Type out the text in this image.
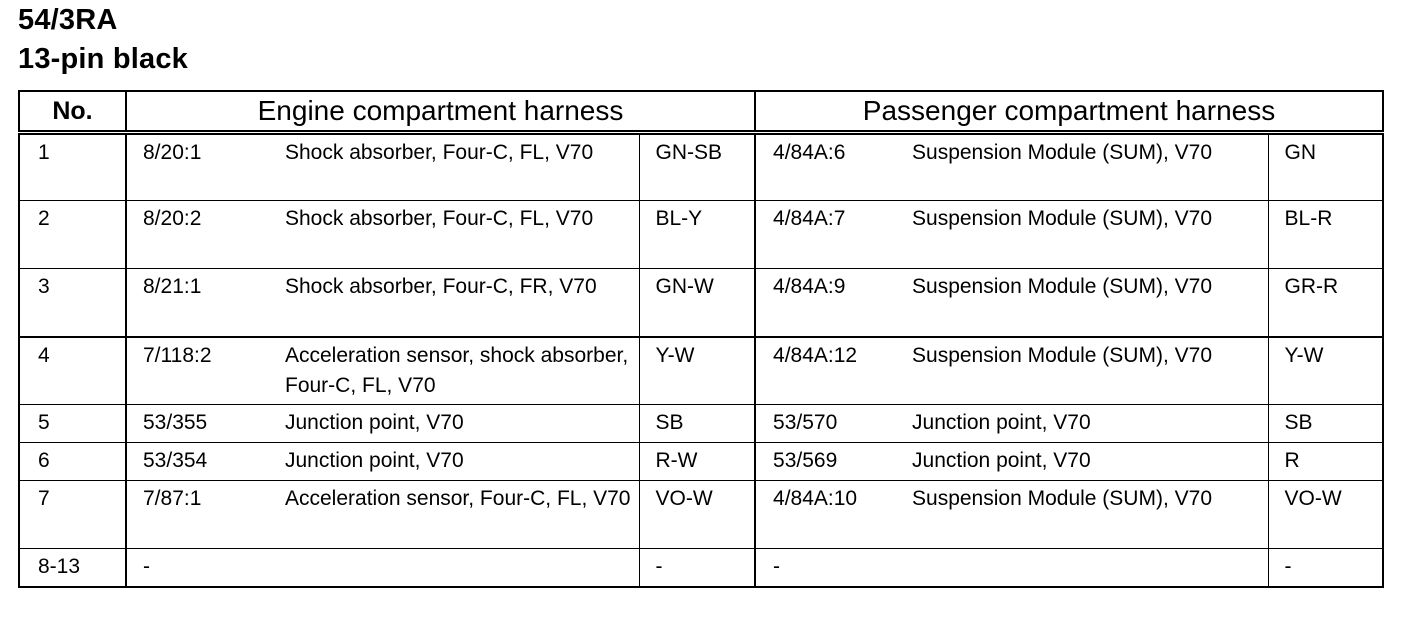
54/3RA
13-pin black
No.	Engine compartment harness			Passenger compartment harness		
1	8/20:1	Shock absorber, Four-C, FL, V70	GN-SB	4/84A:6	Suspension Module (SUM), V70	GN
2	8/20:2	Shock absorber, Four-C, FL, V70	BL-Y	4/84A:7	Suspension Module (SUM), V70	BL-R
3	8/21:1	Shock absorber, Four-C, FR, V70	GN-W	4/84A:9	Suspension Module (SUM), V70	GR-R
4	7/118:2	Acceleration sensor, shock absorber, Four-C, FL, V70	Y-W	4/84A:12	Suspension Module (SUM), V70	Y-W
5	53/355	Junction point, V70	SB	53/570	Junction point, V70	SB
6	53/354	Junction point, V70	R-W	53/569	Junction point, V70	R
7	7/87:1	Acceleration sensor, Four-C, FL, V70	VO-W	4/84A:10	Suspension Module (SUM), V70	VO-W
8-13	-		-	-		-
